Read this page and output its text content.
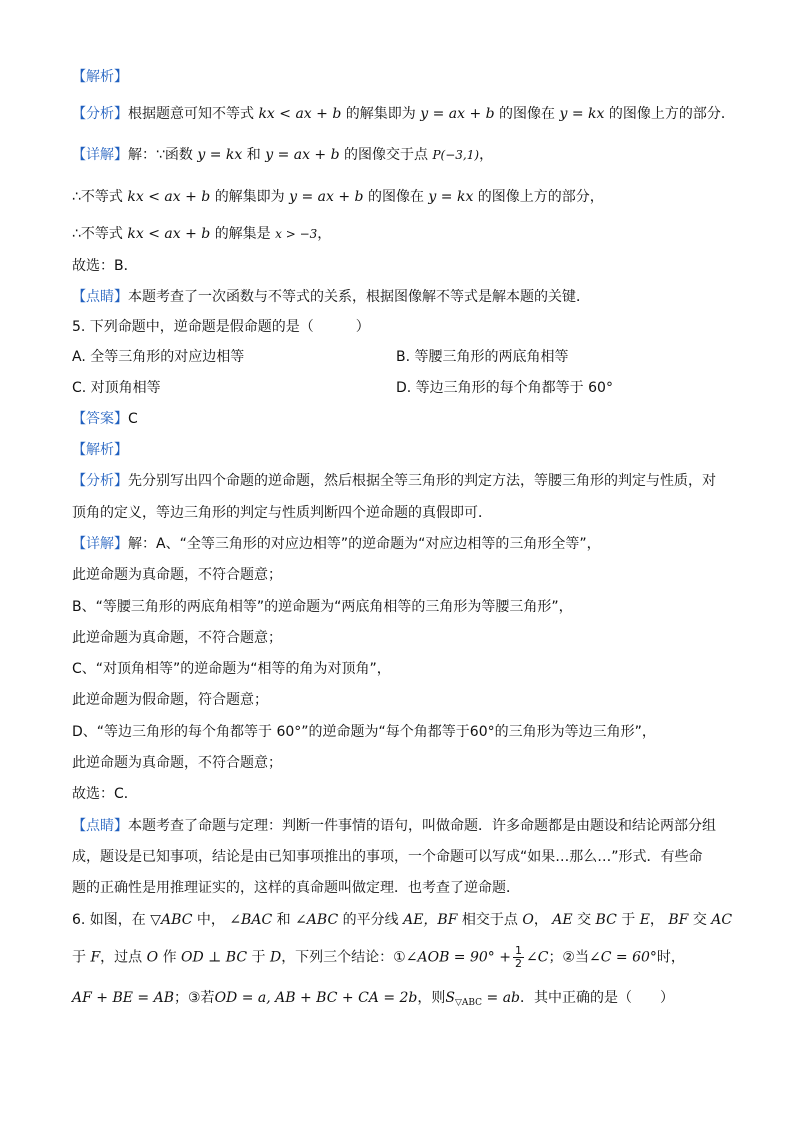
【解析】
【分析】根据题意可知不等式 kx < ax + b 的解集即为 y = ax + b 的图像在 y = kx 的图像上方的部分．
【详解】解：∵函数 y = kx 和 y = ax + b 的图像交于点 P(−3,1)，
∴不等式 kx < ax + b 的解集即为 y = ax + b 的图像在 y = kx 的图像上方的部分，
∴不等式 kx < ax + b 的解集是 x > −3，
故选：B．
【点睛】本题考查了一次函数与不等式的关系，根据图像解不等式是解本题的关键．
5. 下列命题中，逆命题是假命题的是（　　　）
A. 全等三角形的对应边相等	B. 等腰三角形的两底角相等
C. 对顶角相等	D. 等边三角形的每个角都等于 60°
【答案】C
【解析】
【分析】先分别写出四个命题的逆命题，然后根据全等三角形的判定方法，等腰三角形的判定与性质，对
顶角的定义，等边三角形的判定与性质判断四个逆命题的真假即可．
【详解】解：A、“全等三角形的对应边相等”的逆命题为“对应边相等的三角形全等”，
此逆命题为真命题，不符合题意；
B、“等腰三角形的两底角相等”的逆命题为“两底角相等的三角形为等腰三角形”，
此逆命题为真命题，不符合题意；
C、“对顶角相等”的逆命题为“相等的角为对顶角”，
此逆命题为假命题，符合题意；
D、“等边三角形的每个角都等于 60°”的逆命题为“每个角都等于60°的三角形为等边三角形”，
此逆命题为真命题，不符合题意；
故选：C．
【点睛】本题考查了命题与定理：判断一件事情的语句，叫做命题．许多命题都是由题设和结论两部分组
成，题设是已知事项，结论是由已知事项推出的事项，一个命题可以写成“如果…那么…”形式．有些命
题的正确性是用推理证实的，这样的真命题叫做定理．也考查了逆命题．
6. 如图，在 ▽ABC 中， ∠BAC 和 ∠ABC 的平分线 AE，BF 相交于点 O， AE 交 BC 于 E， BF 交 AC
于 F，过点 O 作 OD ⊥ BC 于 D，下列三个结论：①∠AOB = $90^\circ + \frac{1}{2}$ ∠C；②当∠C = 60°时，
AF + BE = AB；③若OD = a, AB + BC + CA = 2b，则$S_{▽ABC}$ = ab．其中正确的是（　　）
